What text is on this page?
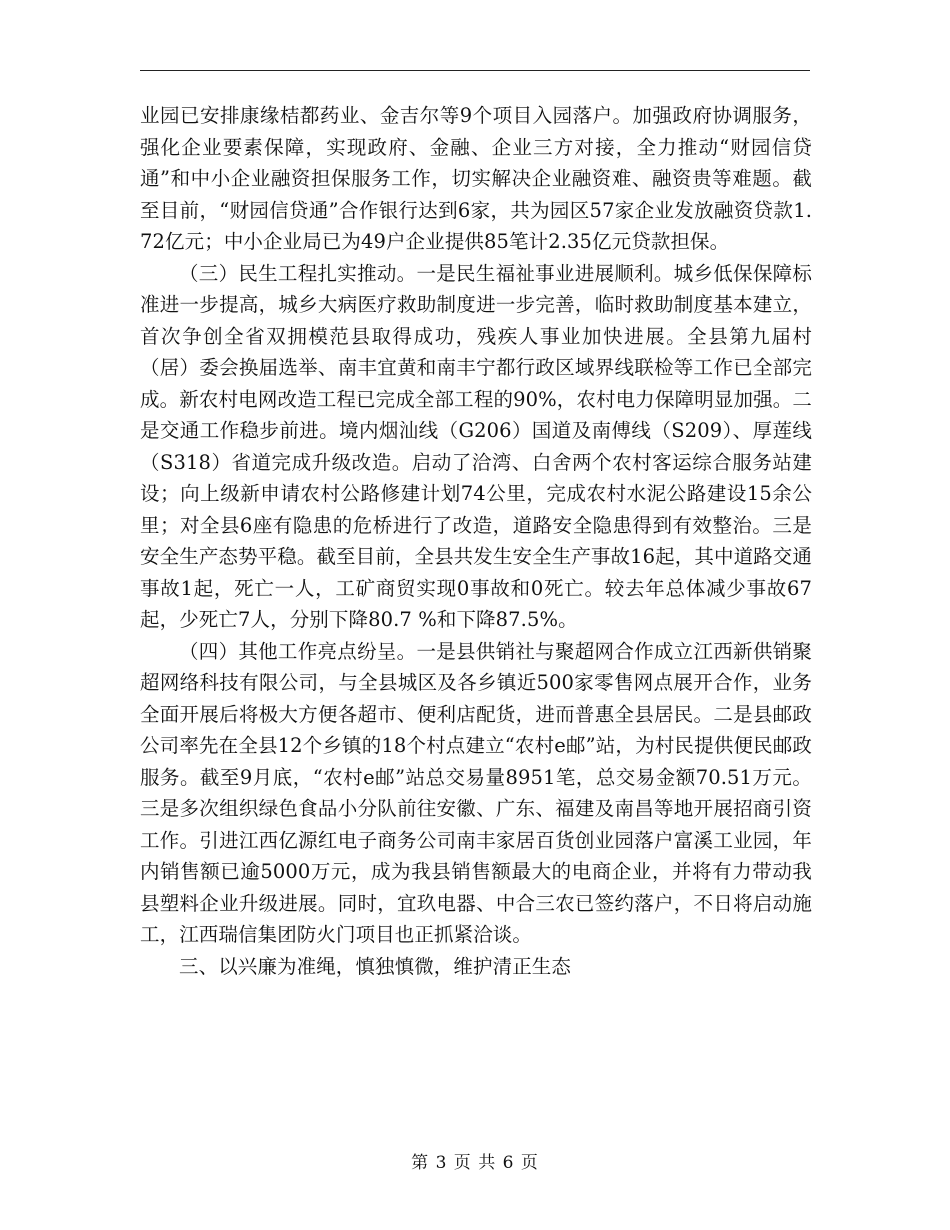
业园已安排康缘桔都药业、金吉尔等9个项目入园落户。加强政府协调服务，强化企业要素保障，实现政府、金融、企业三方对接，全力推动“财园信贷通”和中小企业融资担保服务工作，切实解决企业融资难、融资贵等难题。截至目前，“财园信贷通”合作银行达到6家，共为园区57家企业发放融资贷款1.72亿元；中小企业局已为49户企业提供85笔计2.35亿元贷款担保。

（三）民生工程扎实推动。一是民生福祉事业进展顺利。城乡低保保障标准进一步提高，城乡大病医疗救助制度进一步完善，临时救助制度基本建立，首次争创全省双拥模范县取得成功，残疾人事业加快进展。全县第九届村（居）委会换届选举、南丰宜黄和南丰宁都行政区域界线联检等工作已全部完成。新农村电网改造工程已完成全部工程的90%，农村电力保障明显加强。二是交通工作稳步前进。境内烟汕线（G206）国道及南傅线（S209）、厚莲线（S318）省道完成升级改造。启动了洽湾、白舍两个农村客运综合服务站建设；向上级新申请农村公路修建计划74公里，完成农村水泥公路建设15余公里；对全县6座有隐患的危桥进行了改造，道路安全隐患得到有效整治。三是安全生产态势平稳。截至目前，全县共发生安全生产事故16起，其中道路交通事故1起，死亡一人，工矿商贸实现0事故和0死亡。较去年总体减少事故67起，少死亡7人，分别下降80.7 %和下降87.5%。

（四）其他工作亮点纷呈。一是县供销社与聚超网合作成立江西新供销聚超网络科技有限公司，与全县城区及各乡镇近500家零售网点展开合作，业务全面开展后将极大方便各超市、便利店配货，进而普惠全县居民。二是县邮政公司率先在全县12个乡镇的18个村点建立“农村e邮”站，为村民提供便民邮政服务。截至9月底，“农村e邮”站总交易量8951笔，总交易金额70.51万元。三是多次组织绿色食品小分队前往安徽、广东、福建及南昌等地开展招商引资工作。引进江西亿源红电子商务公司南丰家居百货创业园落户富溪工业园，年内销售额已逾5000万元，成为我县销售额最大的电商企业，并将有力带动我县塑料企业升级进展。同时，宜玖电器、中合三农已签约落户，不日将启动施工，江西瑞信集团防火门项目也正抓紧洽谈。

三、以兴廉为准绳，慎独慎微，维护清正生态

第 3 页 共 6 页
